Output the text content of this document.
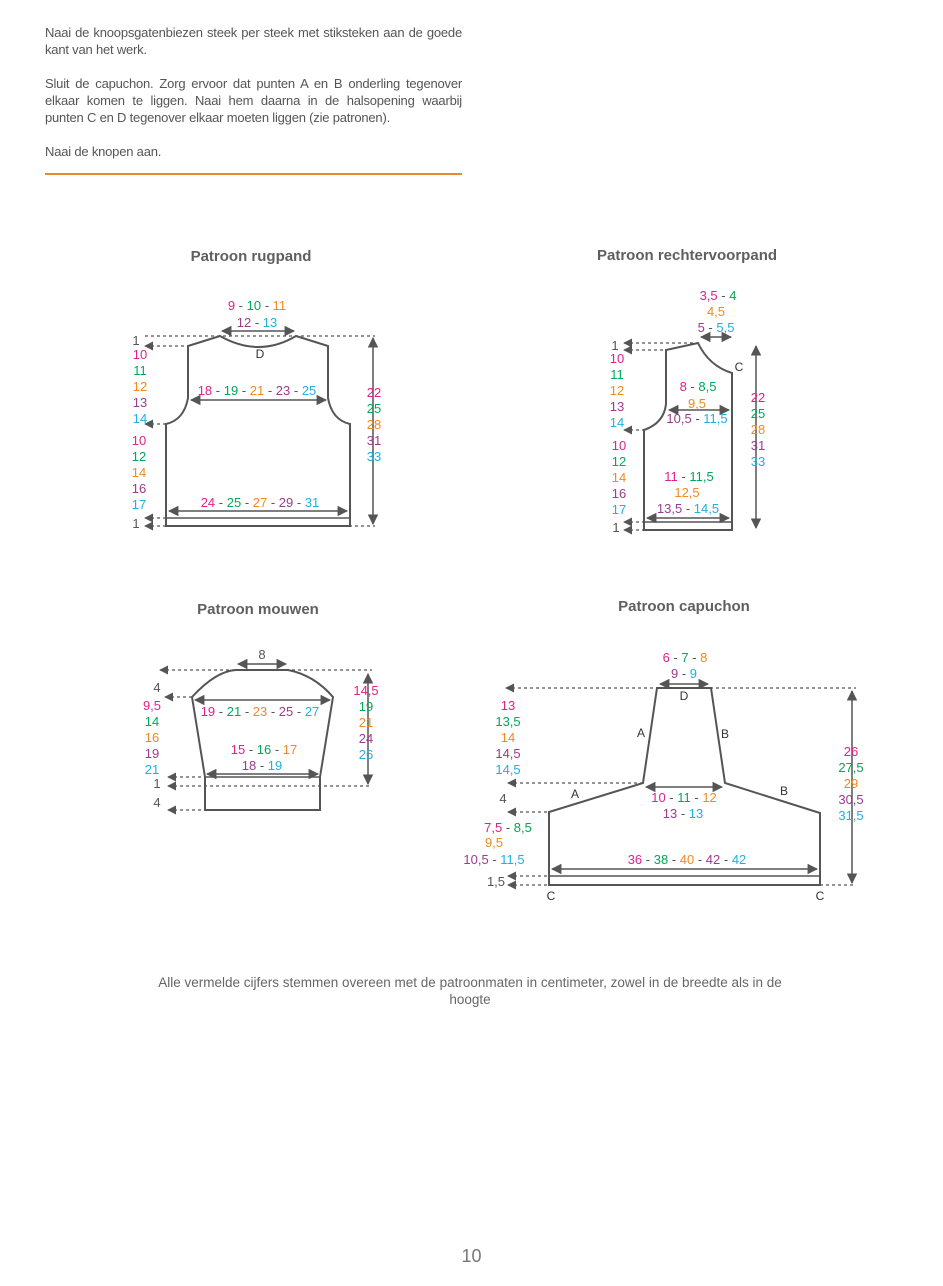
Naai de knoopsgatenbiezen steek per steek met stiksteken aan de goede kant van het werk.

Sluit de capuchon. Zorg ervoor dat punten A en B onderling tegenover elkaar komen te liggen. Naai hem daarna in de halsopening waarbij punten C en D tegenover elkaar moeten liggen (zie patronen).

Naai de knopen aan.

Patroon rugpand	Patroon rechtervoorpand
Patroon mouwen	Patroon capuchon
9 - 10 - 11
12 - 13
D
18 - 19 - 21 - 23 - 25
24 - 25 - 27 - 29 - 31
1
10 11 12 13 14
10 12 14 16 17
1
22 25 28 31 33
3,5 - 4
4,5
5 - 5,5
C
8 - 8,5
9,5
10,5 - 11,5
11 - 11,5
12,5
13,5 - 14,5
1
10 11 12 13 14
10 12 14 16 17
1
22 25 28 31 33
8
4
19 - 21 - 23 - 25 - 27
15 - 16 - 17
18 - 19
9,5 14 16 19 21
1
4
14,5 19 21 24 26
6 - 7 - 8
9 - 9
D
A	B
A	B
10 - 11 - 12
13 - 13
13 13,5 14 14,5 14,5
4
7,5 - 8,5
9,5
10,5 - 11,5	36 - 38 - 40 - 42 - 42
1,5
C	C
26 27,5 29 30,5 31,5
Alle vermelde cijfers stemmen overeen met de patroonmaten in centimeter, zowel in de breedte als in de hoogte
10
